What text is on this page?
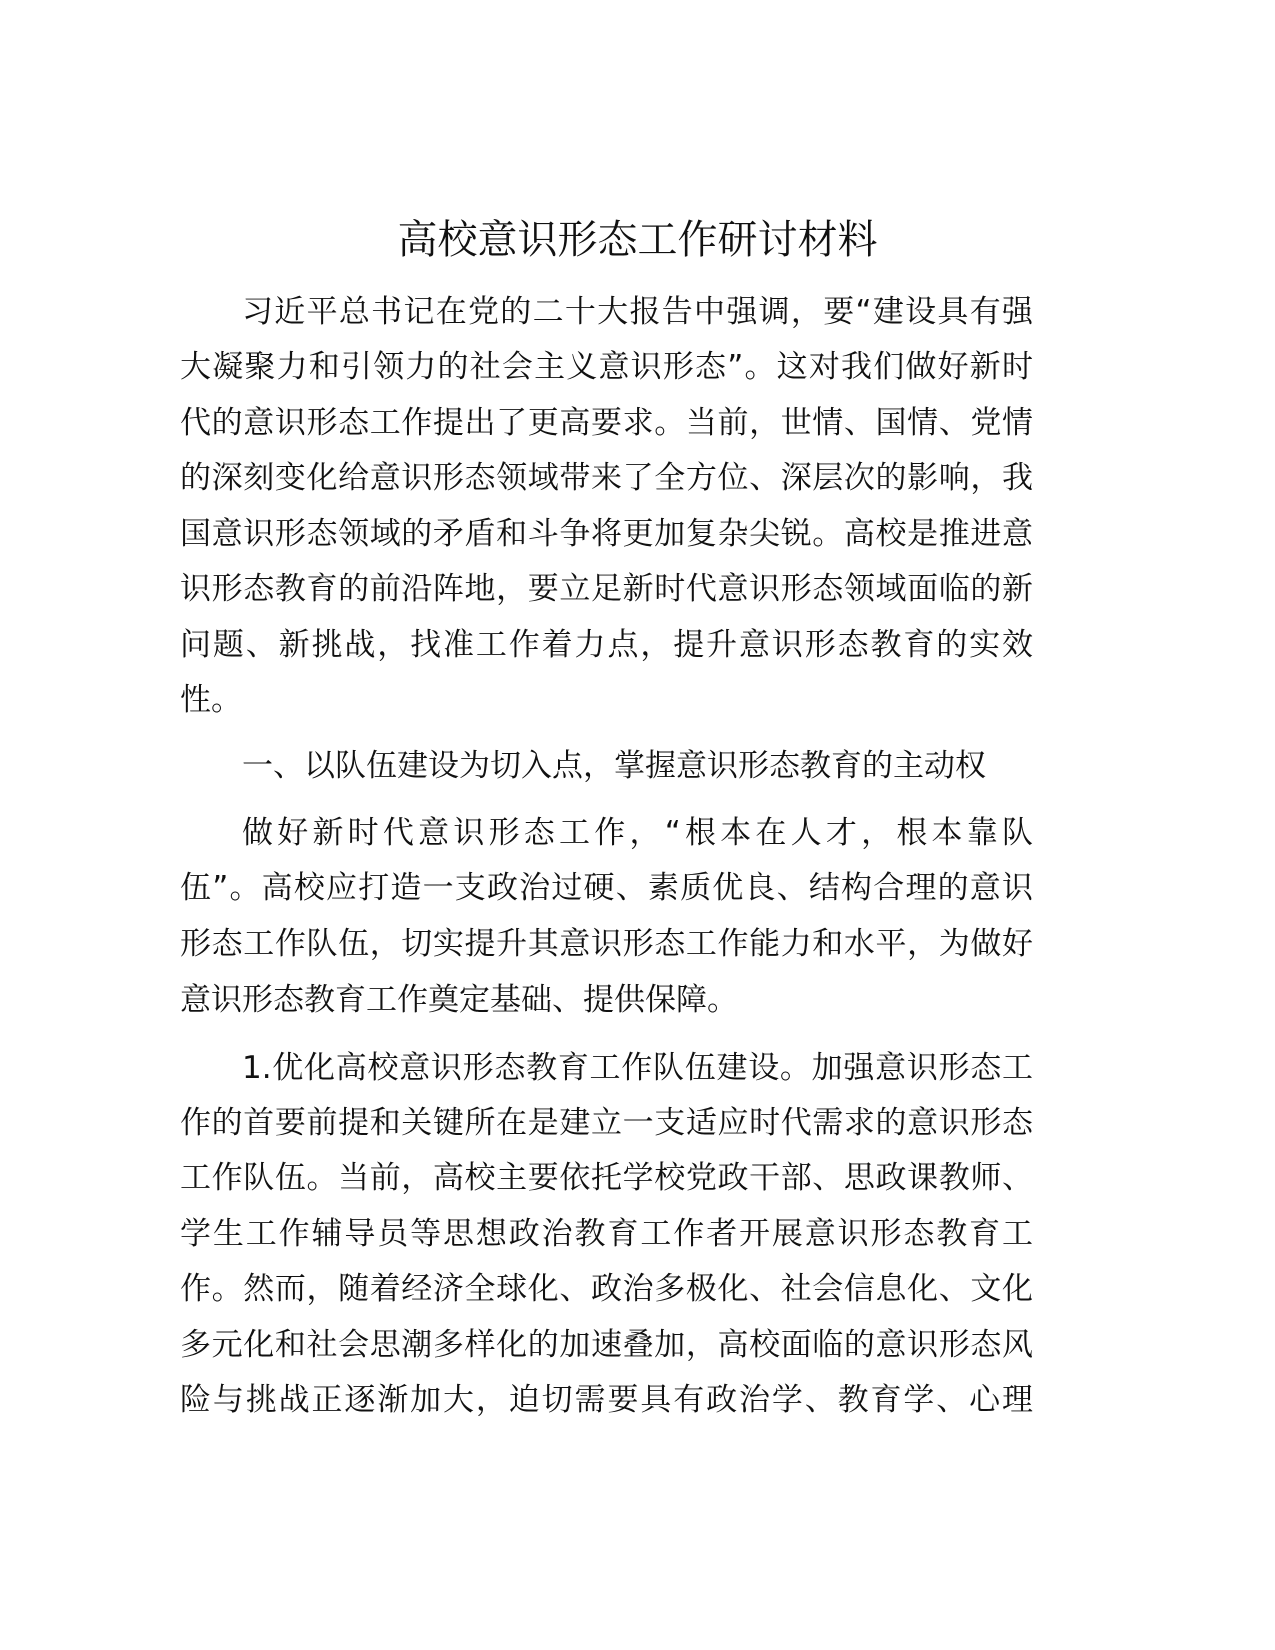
高校意识形态工作研讨材料
习近平总书记在党的二十大报告中强调，要“建设具有强
大凝聚力和引领力的社会主义意识形态”。这对我们做好新时
代的意识形态工作提出了更高要求。当前，世情、国情、党情
的深刻变化给意识形态领域带来了全方位、深层次的影响，我
国意识形态领域的矛盾和斗争将更加复杂尖锐。高校是推进意
识形态教育的前沿阵地，要立足新时代意识形态领域面临的新
问题、新挑战，找准工作着力点，提升意识形态教育的实效
性。
一、以队伍建设为切入点，掌握意识形态教育的主动权
做好新时代意识形态工作，“根本在人才，根本靠队
伍”。高校应打造一支政治过硬、素质优良、结构合理的意识
形态工作队伍，切实提升其意识形态工作能力和水平，为做好
意识形态教育工作奠定基础、提供保障。
1.优化高校意识形态教育工作队伍建设。加强意识形态工
作的首要前提和关键所在是建立一支适应时代需求的意识形态
工作队伍。当前，高校主要依托学校党政干部、思政课教师、
学生工作辅导员等思想政治教育工作者开展意识形态教育工
作。然而，随着经济全球化、政治多极化、社会信息化、文化
多元化和社会思潮多样化的加速叠加，高校面临的意识形态风
险与挑战正逐渐加大，迫切需要具有政治学、教育学、心理
